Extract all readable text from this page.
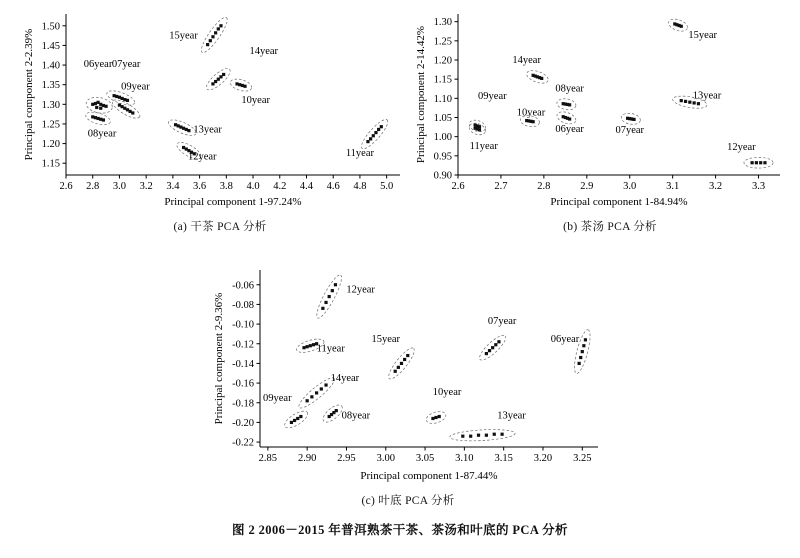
2.6 2.8 3.0 3.2 3.4 3.6 3.8 4.0 4.2 4.4 4.6 4.8 5.0
1.15
1.20
1.25
1.30
1.35
1.40
1.45
1.50
Principal component 1-97.24%
Principal component 2-2.39%	06year 07year
08year
09year
10year
11year
12year
13year
14year
15year
(a) 干茶 PCA 分析
2.6	2.7	2.8	2.9	3.0	3.1	3.2	3.3
0.90
0.95
1.00
1.05
1.10
1.15
1.20
1.25
1.30
Principal component 1-84.94%
Principal component 2-14.42%	06year	07year
08year
09year
10year
11year	12year
13year
14year
15year
(b) 茶汤 PCA 分析
2.85 2.90 2.95 3.00 3.05 3.10 3.15 3.20 3.25
-0.06
-0.08
-0.10
-0.12
-0.14
-0.16
-0.18
-0.20
-0.22
Principal component 1-87.44%
Principal component 2-9.36%	06year
07year
08year
09year
10year
11year
12year
13year
14year
15year
(c) 叶底 PCA 分析
图 2 2006－2015 年普洱熟茶干茶、茶汤和叶底的 PCA 分析
